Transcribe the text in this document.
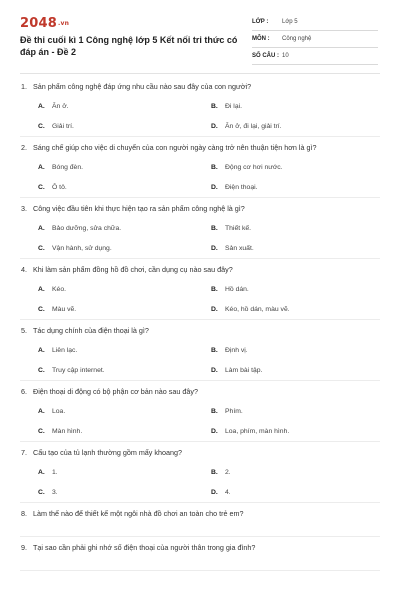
2048.vn
Đề thi cuối kì 1 Công nghệ lớp 5 Kết nối tri thức có đáp án - Đề 2
LỚP :	Lớp 5
MÔN :	Công nghệ
SỐ CÂU : 10
1. Sản phẩm công nghệ đáp ứng nhu cầu nào sau đây của con người?
A.	Ăn ở.	B.	Đi lại.
C.	Giải trí.	D.	Ăn ở, đi lại, giải trí.
2. Sáng chế giúp cho việc di chuyển của con người ngày càng trở nên thuận tiện hơn là gì?
A.	Bóng đèn.	B.	Động cơ hơi nước.
C.	Ô tô.	D.	Điện thoại.
3. Công việc đầu tiên khi thực hiện tạo ra sản phẩm công nghệ là gì?
A.	Bảo dưỡng, sửa chữa.	B.	Thiết kế.
C.	Vận hành, sử dụng.	D.	Sản xuất.
4. Khi làm sản phẩm đồng hồ đồ chơi, cần dụng cụ nào sau đây?
A.	Kéo.	B.	Hồ dán.
C.	Màu vẽ.	D.	Kéo, hồ dán, màu vẽ.
5. Tác dụng chính của điện thoại là gì?
A.	Liên lạc.	B.	Định vị.
C.	Truy cập internet.	D.	Làm bài tập.
6. Điện thoại di động có bộ phận cơ bản nào sau đây?
A.	Loa.	B.	Phím.
C.	Màn hình.	D.	Loa, phím, màn hình.
7. Cấu tạo của tủ lạnh thường gồm mấy khoang?
A.	1.	B.	2.
C.	3.	D.	4.
8. Làm thế nào để thiết kế một ngôi nhà đồ chơi an toàn cho trẻ em?
9. Tại sao cần phải ghi nhớ số điện thoại của người thân trong gia đình?
